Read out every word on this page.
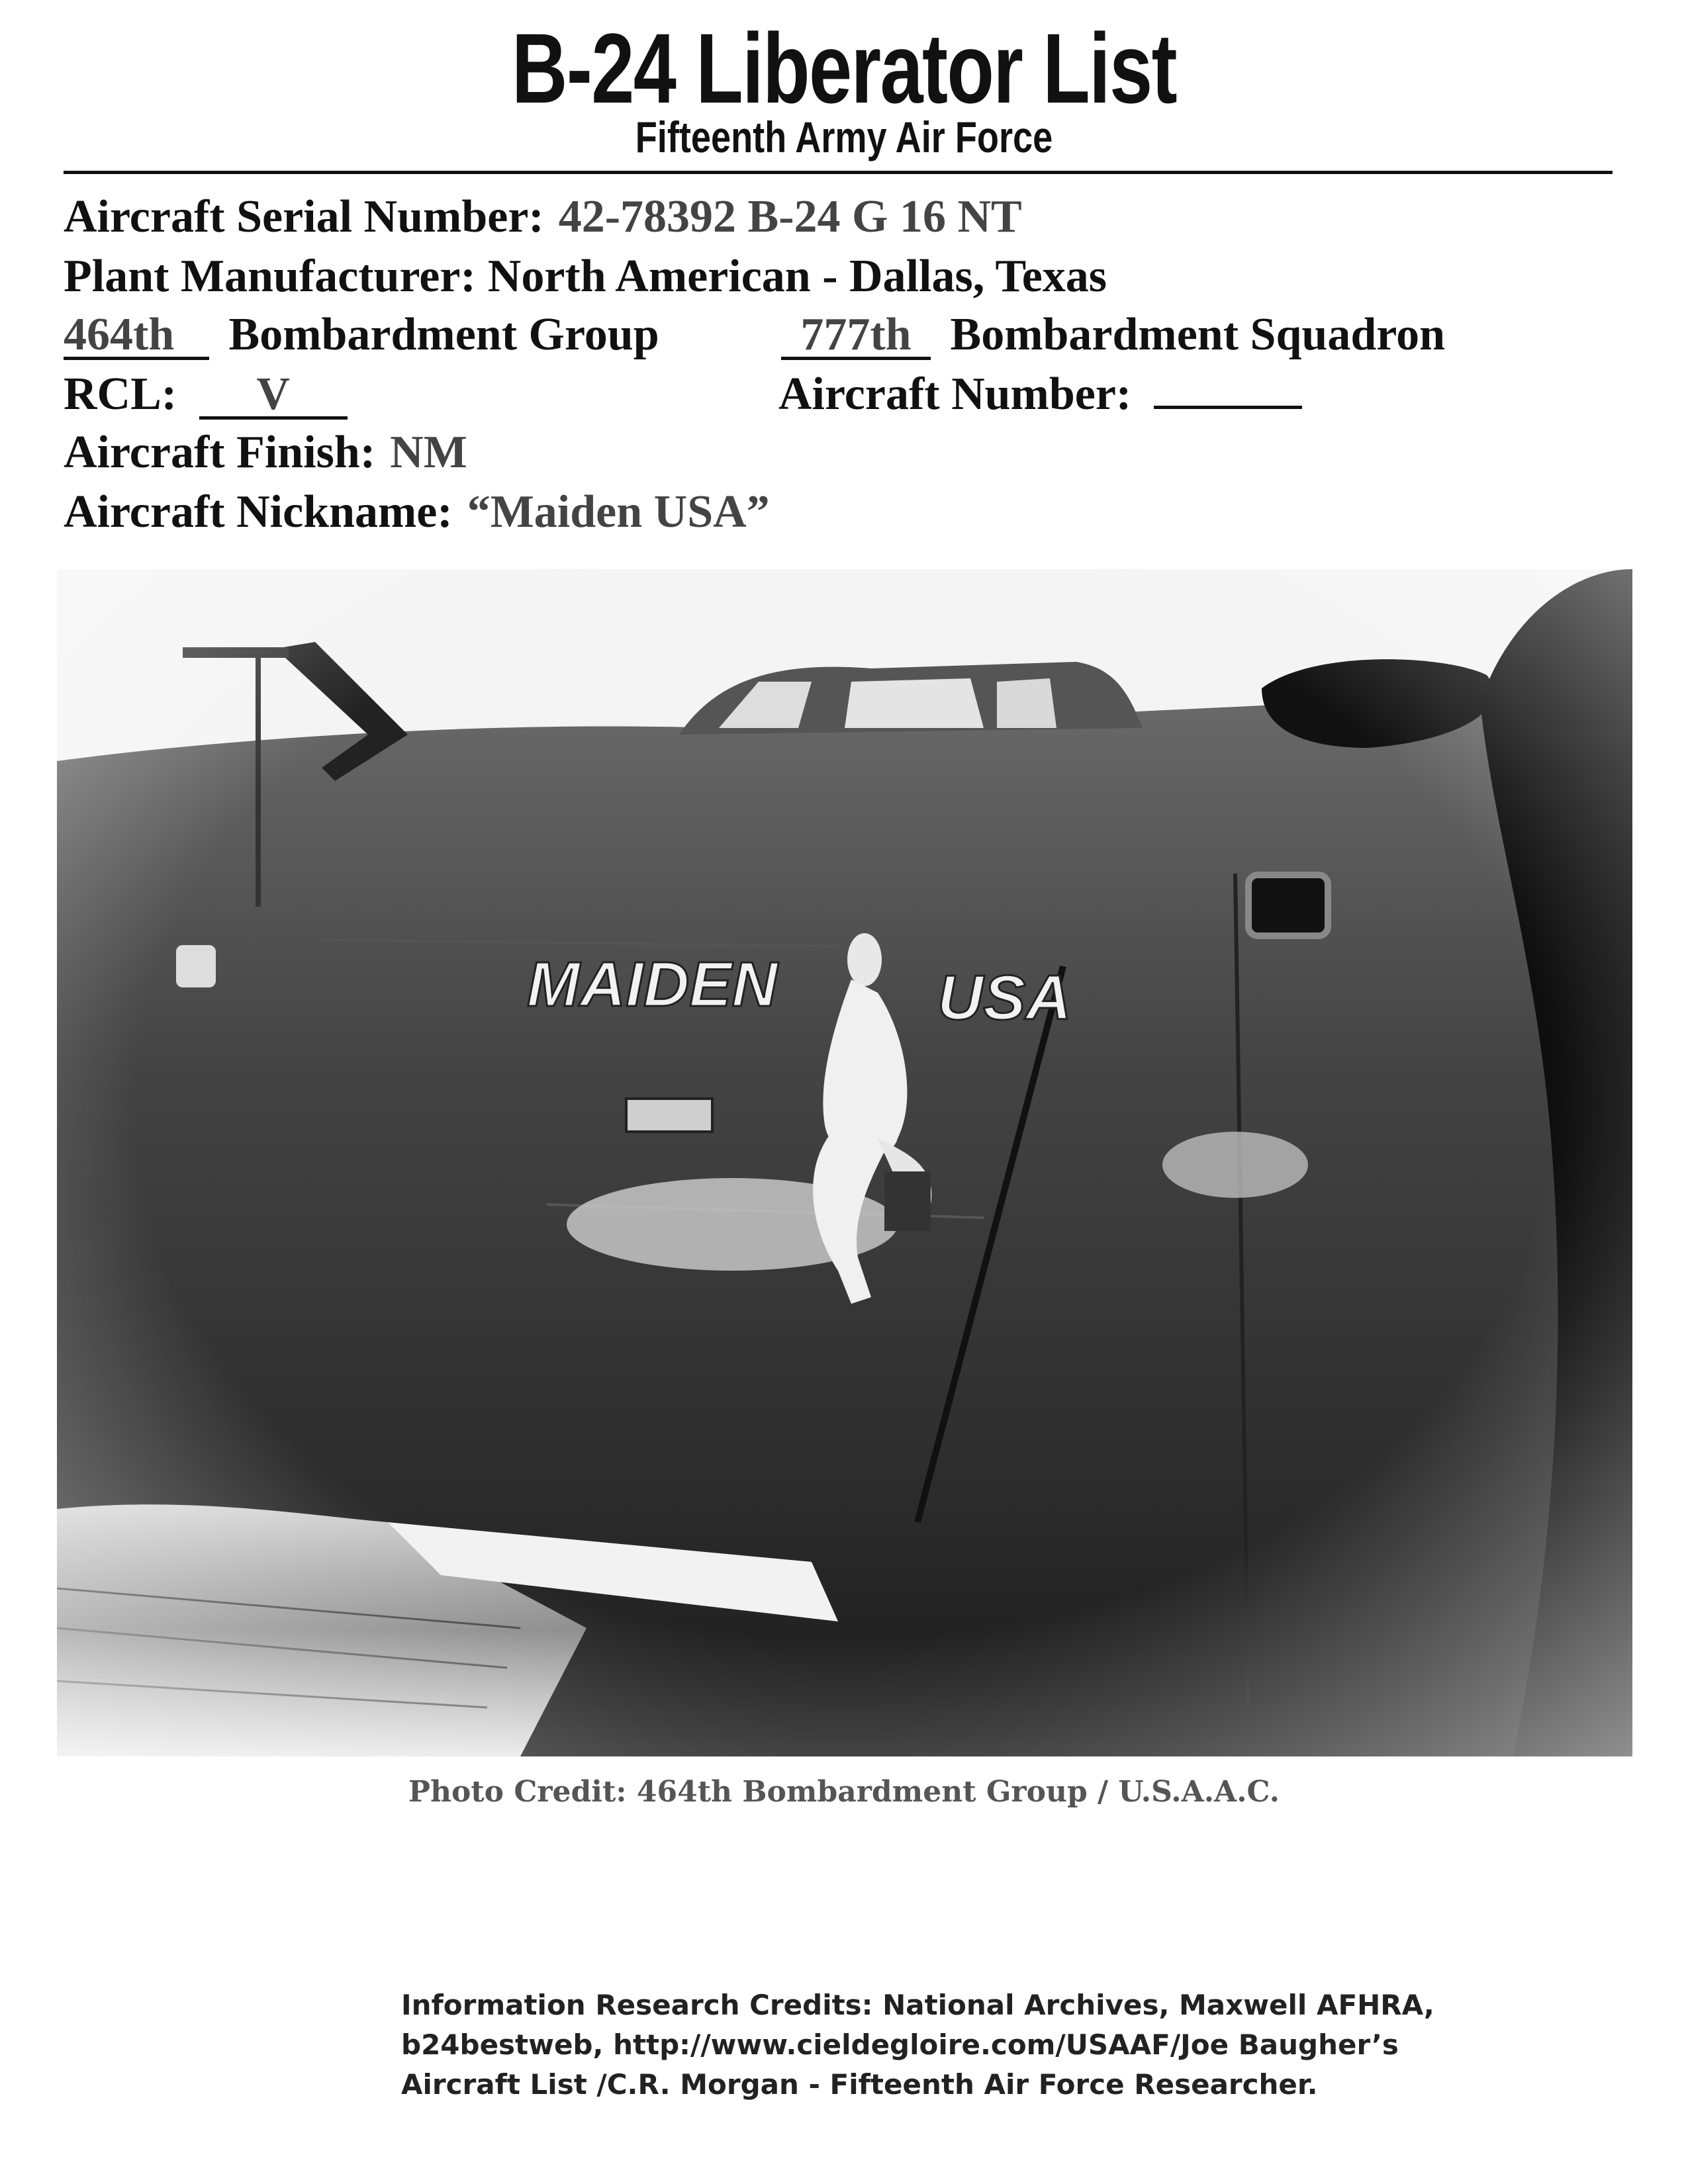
B-24 Liberator List
Fifteenth Army Air Force
Aircraft Serial Number: 42-78392 B-24 G 16 NT
Plant Manufacturer: North American - Dallas, Texas
464th Bombardment Group	777th Bombardment Squadron
RCL: V	Aircraft Number:
Aircraft Finish: NM
Aircraft Nickname: “Maiden USA”
Photo Credit: 464th Bombardment Group / U.S.A.A.C.
Information Research Credits: National Archives, Maxwell AFHRA,
b24bestweb, http://www.cieldegloire.com/USAAF/Joe Baugher’s
Aircraft List /C.R. Morgan - Fifteenth Air Force Researcher.
